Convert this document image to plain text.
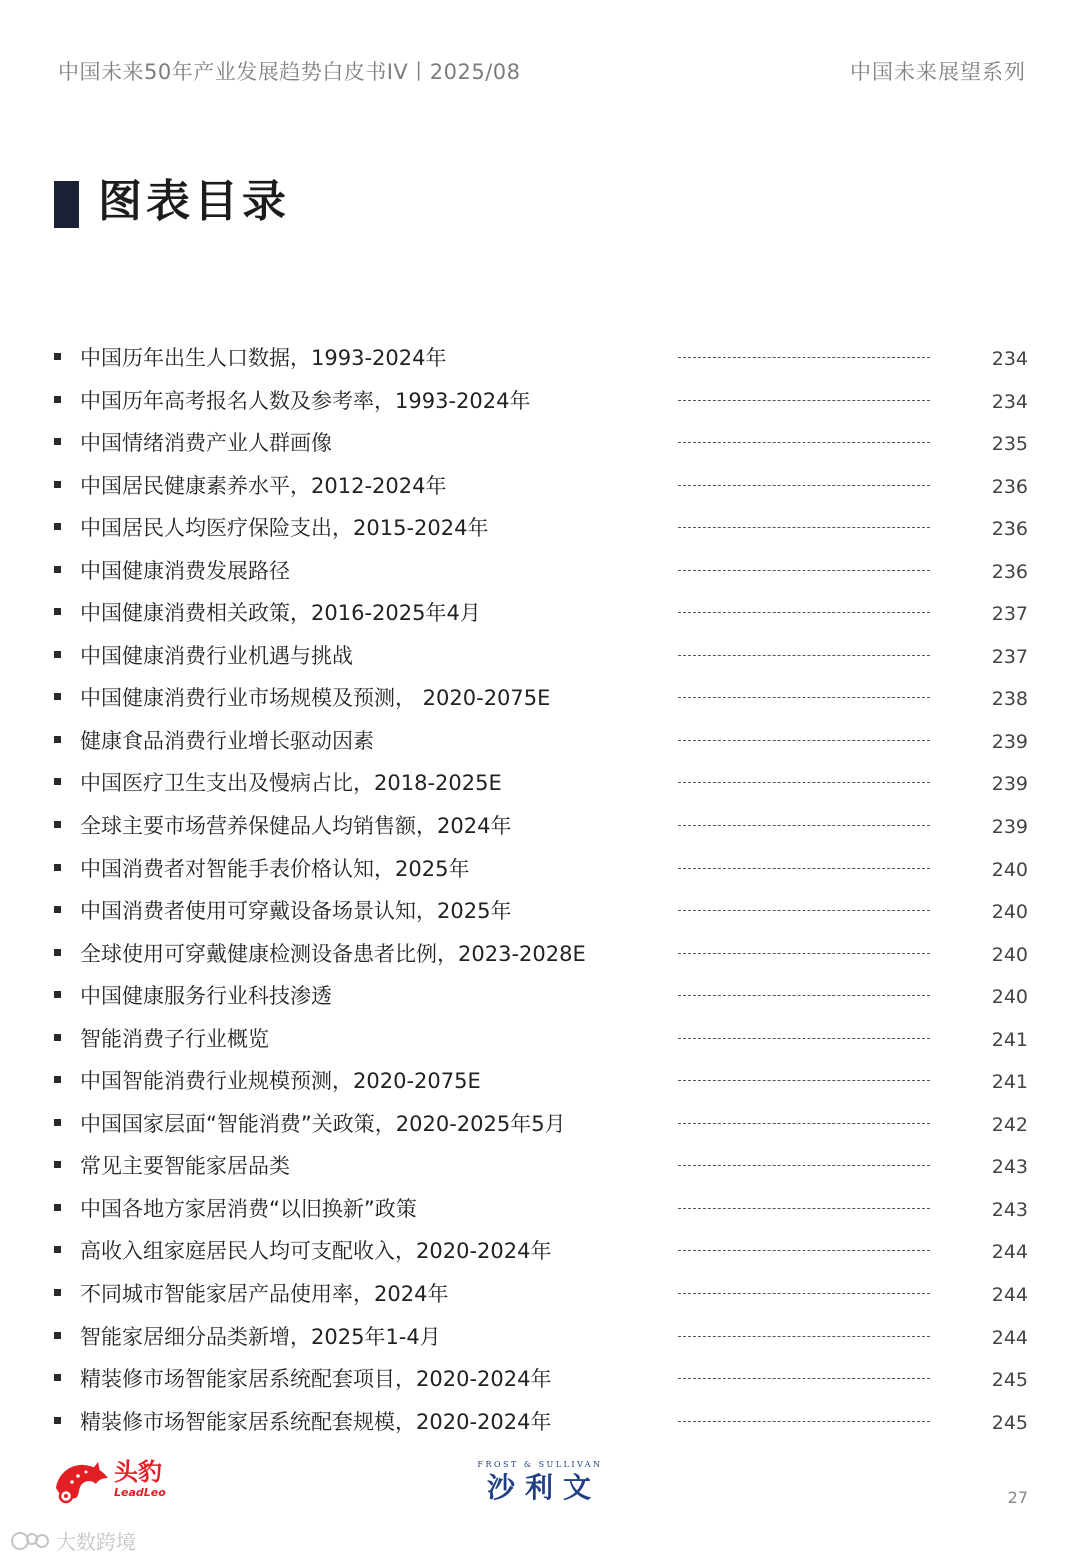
中国未来50年产业发展趋势白皮书IV丨2025/08	中国未来展望系列
图表目录
中国历年出生人口数据，1993-2024年	234
中国历年高考报名人数及参考率，1993-2024年	234
中国情绪消费产业人群画像	235
中国居民健康素养水平，2012-2024年	236
中国居民人均医疗保险支出，2015-2024年	236
中国健康消费发展路径	236
中国健康消费相关政策，2016-2025年4月	237
中国健康消费行业机遇与挑战	237
中国健康消费行业市场规模及预测， 2020-2075E	238
健康食品消费行业增长驱动因素	239
中国医疗卫生支出及慢病占比，2018-2025E	239
全球主要市场营养保健品人均销售额，2024年	239
中国消费者对智能手表价格认知，2025年	240
中国消费者使用可穿戴设备场景认知，2025年	240
全球使用可穿戴健康检测设备患者比例，2023-2028E	240
中国健康服务行业科技渗透	240
智能消费子行业概览	241
中国智能消费行业规模预测，2020-2075E	241
中国国家层面“智能消费”关政策，2020-2025年5月	242
常见主要智能家居品类	243
中国各地方家居消费“以旧换新”政策	243
高收入组家庭居民人均可支配收入，2020-2024年	244
不同城市智能家居产品使用率，2024年	244
智能家居细分品类新增，2025年1-4月	244
精装修市场智能家居系统配套项目，2020-2024年	245
精装修市场智能家居系统配套规模，2020-2024年	245
头豹
LeadLeo
FROST & SULLIVAN
沙利文	27
大数跨境
